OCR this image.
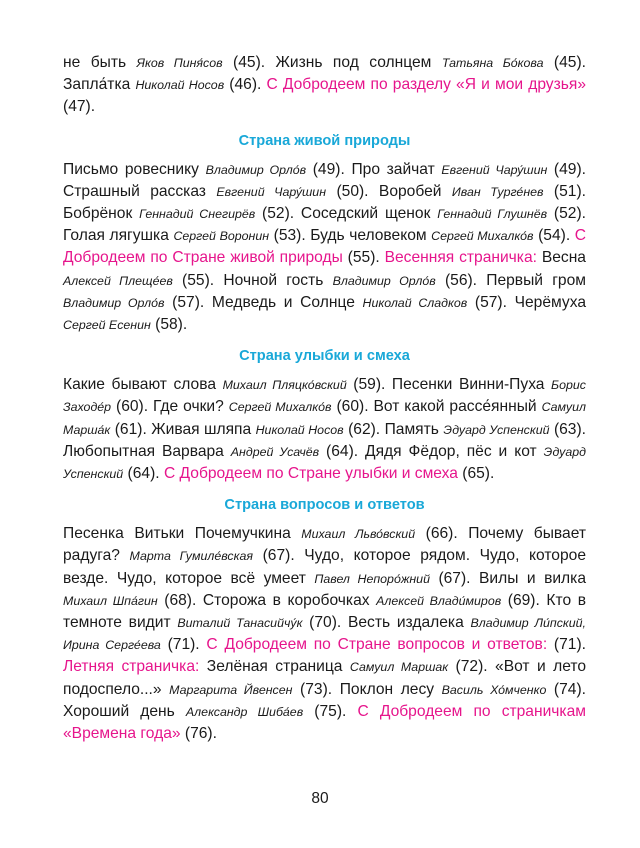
не быть Яков Пиня́сов (45). Жизнь под солнцем Татьяна Бо́кова (45). Запла́тка Николай Носов (46). С Добродеем по разделу «Я и мои друзья» (47).

Страна живой природы

Письмо ровеснику Владимир Орло́в (49). Про зайчат Евгений Чару́шин (49). Страшный рассказ Евгений Чару́шин (50). Воробей Иван Турге́нев (51). Бобрёнок Геннадий Снегирёв (52). Соседский щенок Геннадий Глушнёв (52). Голая лягушка Сергей Воронин (53). Будь человеком Сергей Михалко́в (54). С Добродеем по Стране живой природы (55). Весенняя страничка: Весна Алексей Плеще́ев (55). Ночной гость Владимир Орло́в (56). Первый гром Владимир Орло́в (57). Медведь и Солнце Николай Сладков (57). Черёмуха Сергей Есенин (58).

Страна улыбки и смеха

Какие бывают слова Михаил Пляцко́вский (59). Песенки Винни-Пуха Борис Заходе́р (60). Где очки? Сергей Михалко́в (60). Вот какой рассе́янный Самуил Марша́к (61). Живая шляпа Николай Носов (62). Память Эдуард Успенский (63). Любопытная Варвара Андрей Усачёв (64). Дядя Фёдор, пёс и кот Эдуард Успенский (64). С Добродеем по Стране улыбки и смеха (65).

Страна вопросов и ответов

Песенка Витьки Почемучкина Михаил Льво́вский (66). Почему бывает радуга? Марта Гумиле́вская (67). Чудо, которое рядом. Чудо, которое везде. Чудо, которое всё умеет Павел Непоро́жний (67). Вилы и вилка Михаил Шпа́гин (68). Сторожа в коробочках Алексей Влади́миров (69). Кто в темноте видит Виталий Танасийчу́к (70). Весть издалека Владимир Ли́пский, Ирина Серге́ева (71). С Добродеем по Стране вопросов и ответов: (71). Летняя страничка: Зелёная страница Самуил Маршак (72). «Вот и лето подоспело...» Маргарита Йвенсен (73). Поклон лесу Василь Хо́мченко (74). Хороший день Александр Шиба́ев (75). С Добродеем по страничкам «Времена года» (76).

80
